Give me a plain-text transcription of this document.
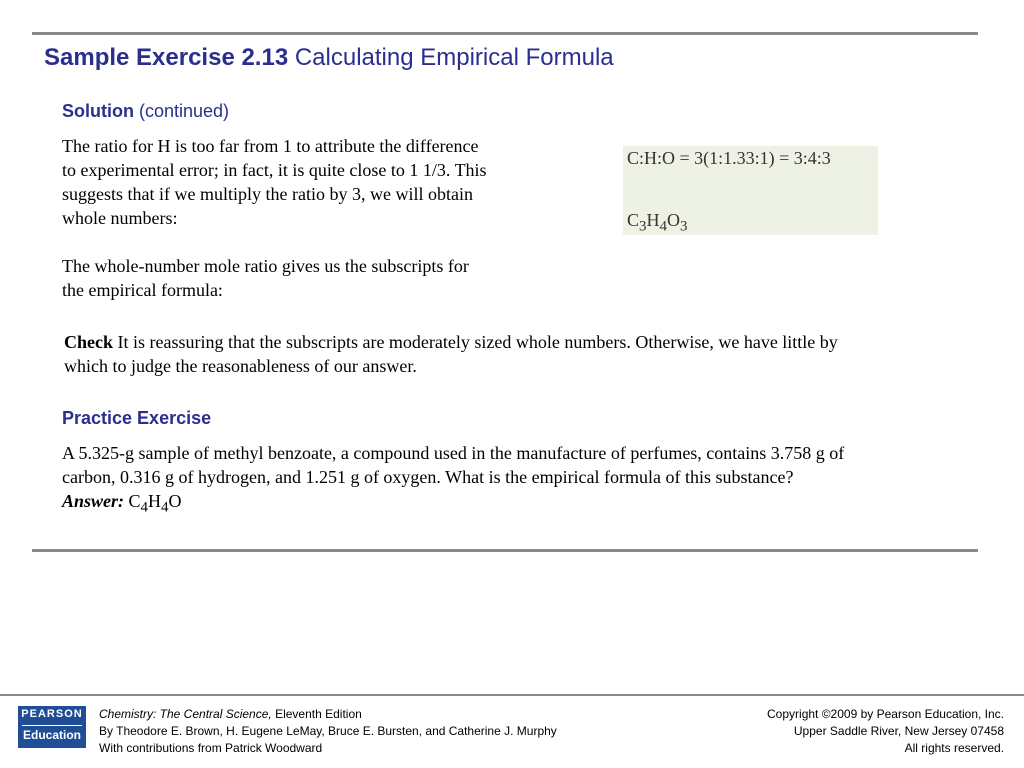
Sample Exercise 2.13 Calculating Empirical Formula
Solution (continued)
The ratio for H is too far from 1 to attribute the difference
to experimental error; in fact, it is quite close to 1 1/3. This
suggests that if we multiply the ratio by 3, we will obtain
whole numbers:
The whole-number mole ratio gives us the subscripts for
the empirical formula:
C:H:O = 3(1:1.33:1) = 3:4:3
$C_3H_4O_3$
Check It is reassuring that the subscripts are moderately sized whole numbers. Otherwise, we have little by
which to judge the reasonableness of our answer.
Practice Exercise
A 5.325-g sample of methyl benzoate, a compound used in the manufacture of perfumes, contains 3.758 g of
carbon, 0.316 g of hydrogen, and 1.251 g of oxygen. What is the empirical formula of this substance?
Answer: $C_4H_4O$
PEARSON
Education
Chemistry: The Central Science, Eleventh Edition
By Theodore E. Brown, H. Eugene LeMay, Bruce E. Bursten, and Catherine J. Murphy
With contributions from Patrick Woodward
Copyright ©2009 by Pearson Education, Inc.
Upper Saddle River, New Jersey 07458
All rights reserved.
